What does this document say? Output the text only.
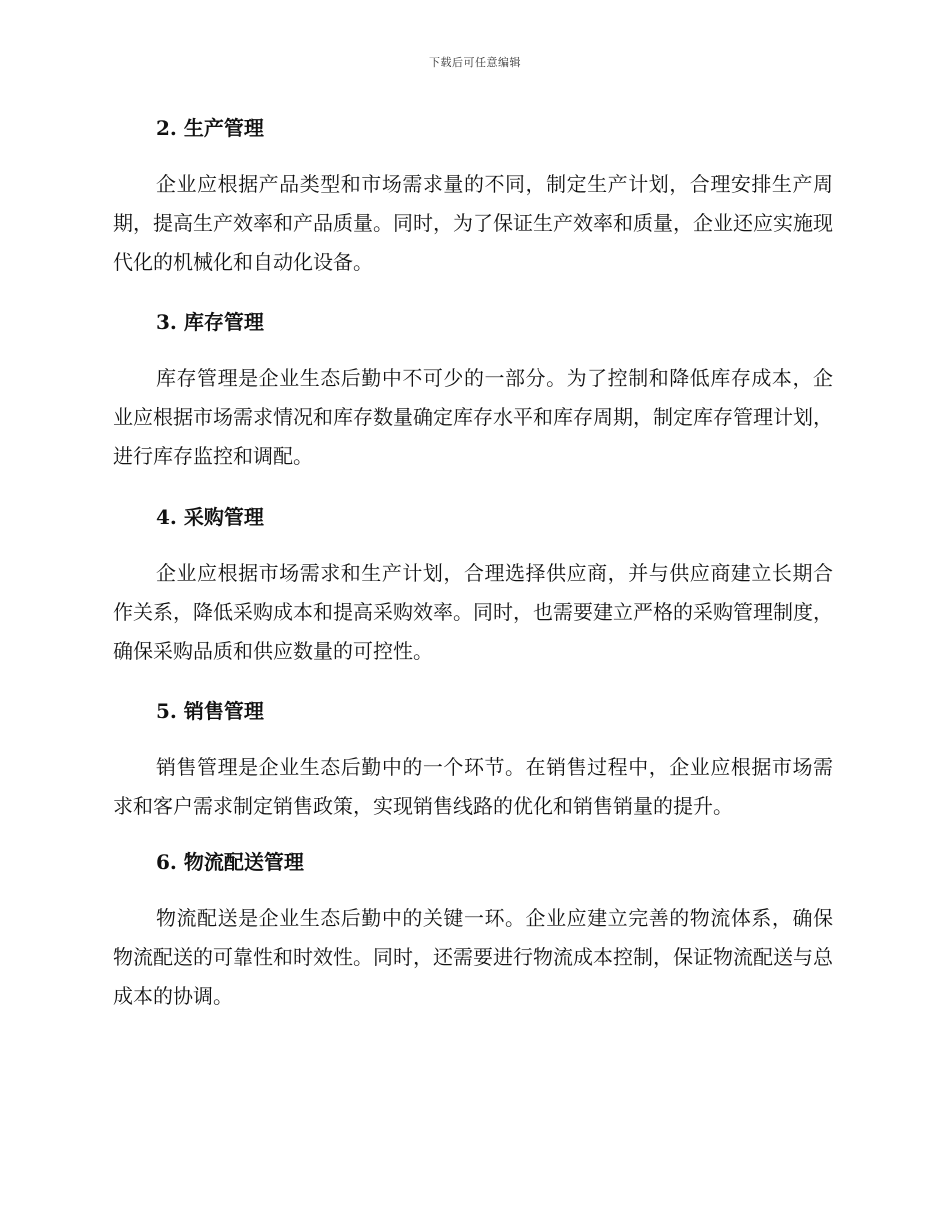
下载后可任意编辑
2. 生产管理

企业应根据产品类型和市场需求量的不同，制定生产计划，合理安排生产周期，提高生产效率和产品质量。同时，为了保证生产效率和质量，企业还应实施现代化的机械化和自动化设备。

3. 库存管理

库存管理是企业生态后勤中不可少的一部分。为了控制和降低库存成本，企业应根据市场需求情况和库存数量确定库存水平和库存周期，制定库存管理计划，进行库存监控和调配。

4. 采购管理

企业应根据市场需求和生产计划，合理选择供应商，并与供应商建立长期合作关系，降低采购成本和提高采购效率。同时，也需要建立严格的采购管理制度，确保采购品质和供应数量的可控性。

5. 销售管理

销售管理是企业生态后勤中的一个环节。在销售过程中，企业应根据市场需求和客户需求制定销售政策，实现销售线路的优化和销售销量的提升。

6. 物流配送管理

物流配送是企业生态后勤中的关键一环。企业应建立完善的物流体系，确保物流配送的可靠性和时效性。同时，还需要进行物流成本控制，保证物流配送与总成本的协调。
